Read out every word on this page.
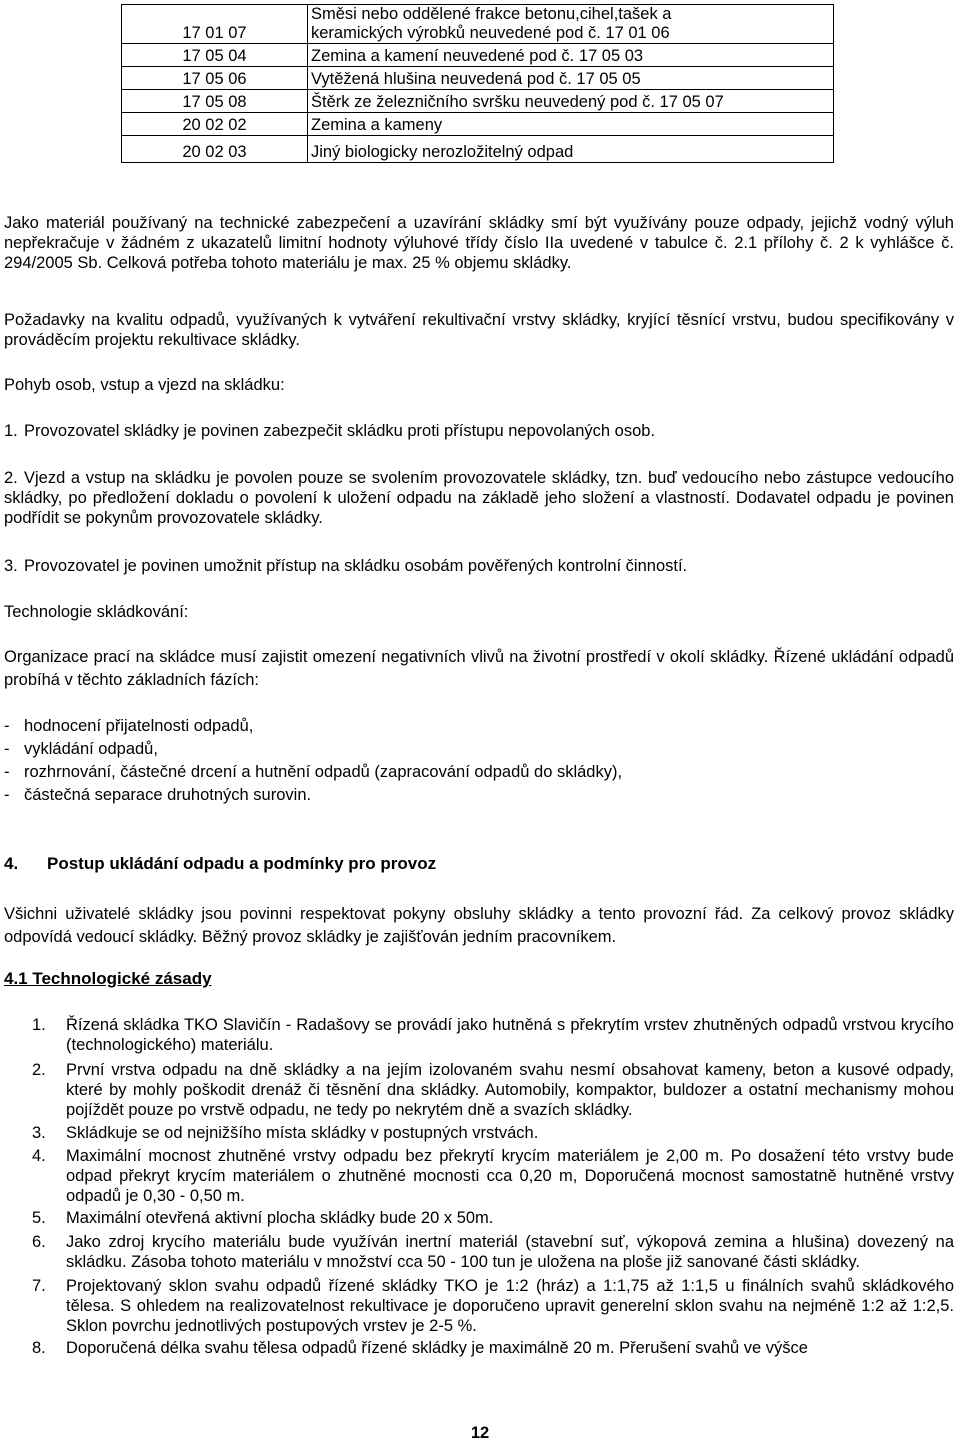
17 01 07	Směsi nebo oddělené frakce betonu,cihel,tašek a
keramických výrobků neuvedené pod č. 17 01 06

17 05 04	Zemina a kamení neuvedené pod č. 17 05 03
17 05 06	Vytěžená hlušina neuvedená pod č. 17 05 05
17 05 08	Štěrk ze železničního svršku neuvedený pod č. 17 05 07
20 02 02	Zemina a kameny
20 02 03	Jiný biologicky nerozložitelný odpad
Jako materiál používaný na technické zabezpečení a uzavírání skládky smí být využívány pouze odpady, jejichž vodný výluh nepřekračuje v žádném z ukazatelů limitní hodnoty výluhové třídy číslo IIa uvedené v tabulce č. 2.1 přílohy č. 2 k vyhlášce č. 294/2005 Sb. Celková potřeba tohoto materiálu je max. 25 % objemu skládky.
Požadavky na kvalitu odpadů, využívaných k vytváření rekultivační vrstvy skládky, kryjící těsnící vrstvu, budou specifikovány v prováděcím projektu rekultivace skládky.
Pohyb osob, vstup a vjezd na skládku:
1. Provozovatel skládky je povinen zabezpečit skládku proti přístupu nepovolaných osob.
2. Vjezd a vstup na skládku je povolen pouze se svolením provozovatele skládky, tzn. buď vedoucího nebo zástupce vedoucího skládky, po předložení dokladu o povolení k uložení odpadu na základě jeho složení a vlastností. Dodavatel odpadu je povinen podřídit se pokynům provozovatele skládky.
3. Provozovatel je povinen umožnit přístup na skládku osobám pověřených kontrolní činností.
Technologie skládkování:
Organizace prací na skládce musí zajistit omezení negativních vlivů na životní prostředí v okolí skládky. Řízené ukládání odpadů probíhá v těchto základních fázích:
- hodnocení přijatelnosti odpadů,
- vykládání odpadů,
- rozhrnování, částečné drcení a hutnění odpadů (zapracování odpadů do skládky),
- částečná separace druhotných surovin.
4. Postup ukládání odpadu a podmínky pro provoz
Všichni uživatelé skládky jsou povinni respektovat pokyny obsluhy skládky a tento provozní řád. Za celkový provoz skládky odpovídá vedoucí skládky. Běžný provoz skládky je zajišťován jedním pracovníkem.
4.1 Technologické zásady
1.	Řízená skládka TKO Slavičín - Radašovy se provádí jako hutněná s překrytím vrstev zhutněných odpadů vrstvou krycího (technologického) materiálu.
2.	První vrstva odpadu na dně skládky a na jejím izolovaném svahu nesmí obsahovat kameny, beton a kusové odpady, které by mohly poškodit drenáž či těsnění dna skládky. Automobily, kompaktor, buldozer a ostatní mechanismy mohou pojíždět pouze po vrstvě odpadu, ne tedy po nekrytém dně a svazích skládky.
3.	Skládkuje se od nejnižšího místa skládky v postupných vrstvách.
4.	Maximální mocnost zhutněné vrstvy odpadu bez překrytí krycím materiálem je 2,00 m. Po dosažení této vrstvy bude odpad překryt krycím materiálem o zhutněné mocnosti cca 0,20 m, Doporučená mocnost samostatně hutněné vrstvy odpadů je 0,30 - 0,50 m.
5.	Maximální otevřená aktivní plocha skládky bude 20 x 50m.
6.	Jako zdroj krycího materiálu bude využíván inertní materiál (stavební suť, výkopová zemina a hlušina) dovezený na skládku. Zásoba tohoto materiálu v množství cca 50 - 100 tun je uložena na ploše již sanované části skládky.
7.	Projektovaný sklon svahu odpadů řízené skládky TKO je 1:2 (hráz) a 1:1,75 až 1:1,5 u finálních svahů skládkového tělesa. S ohledem na realizovatelnost rekultivace je doporučeno upravit generelní sklon svahu na nejméně 1:2 až 1:2,5. Sklon povrchu jednotlivých postupových vrstev je 2-5 %.
8.	Doporučená délka svahu tělesa odpadů řízené skládky je maximálně 20 m. Přerušení svahů ve výšce
12
